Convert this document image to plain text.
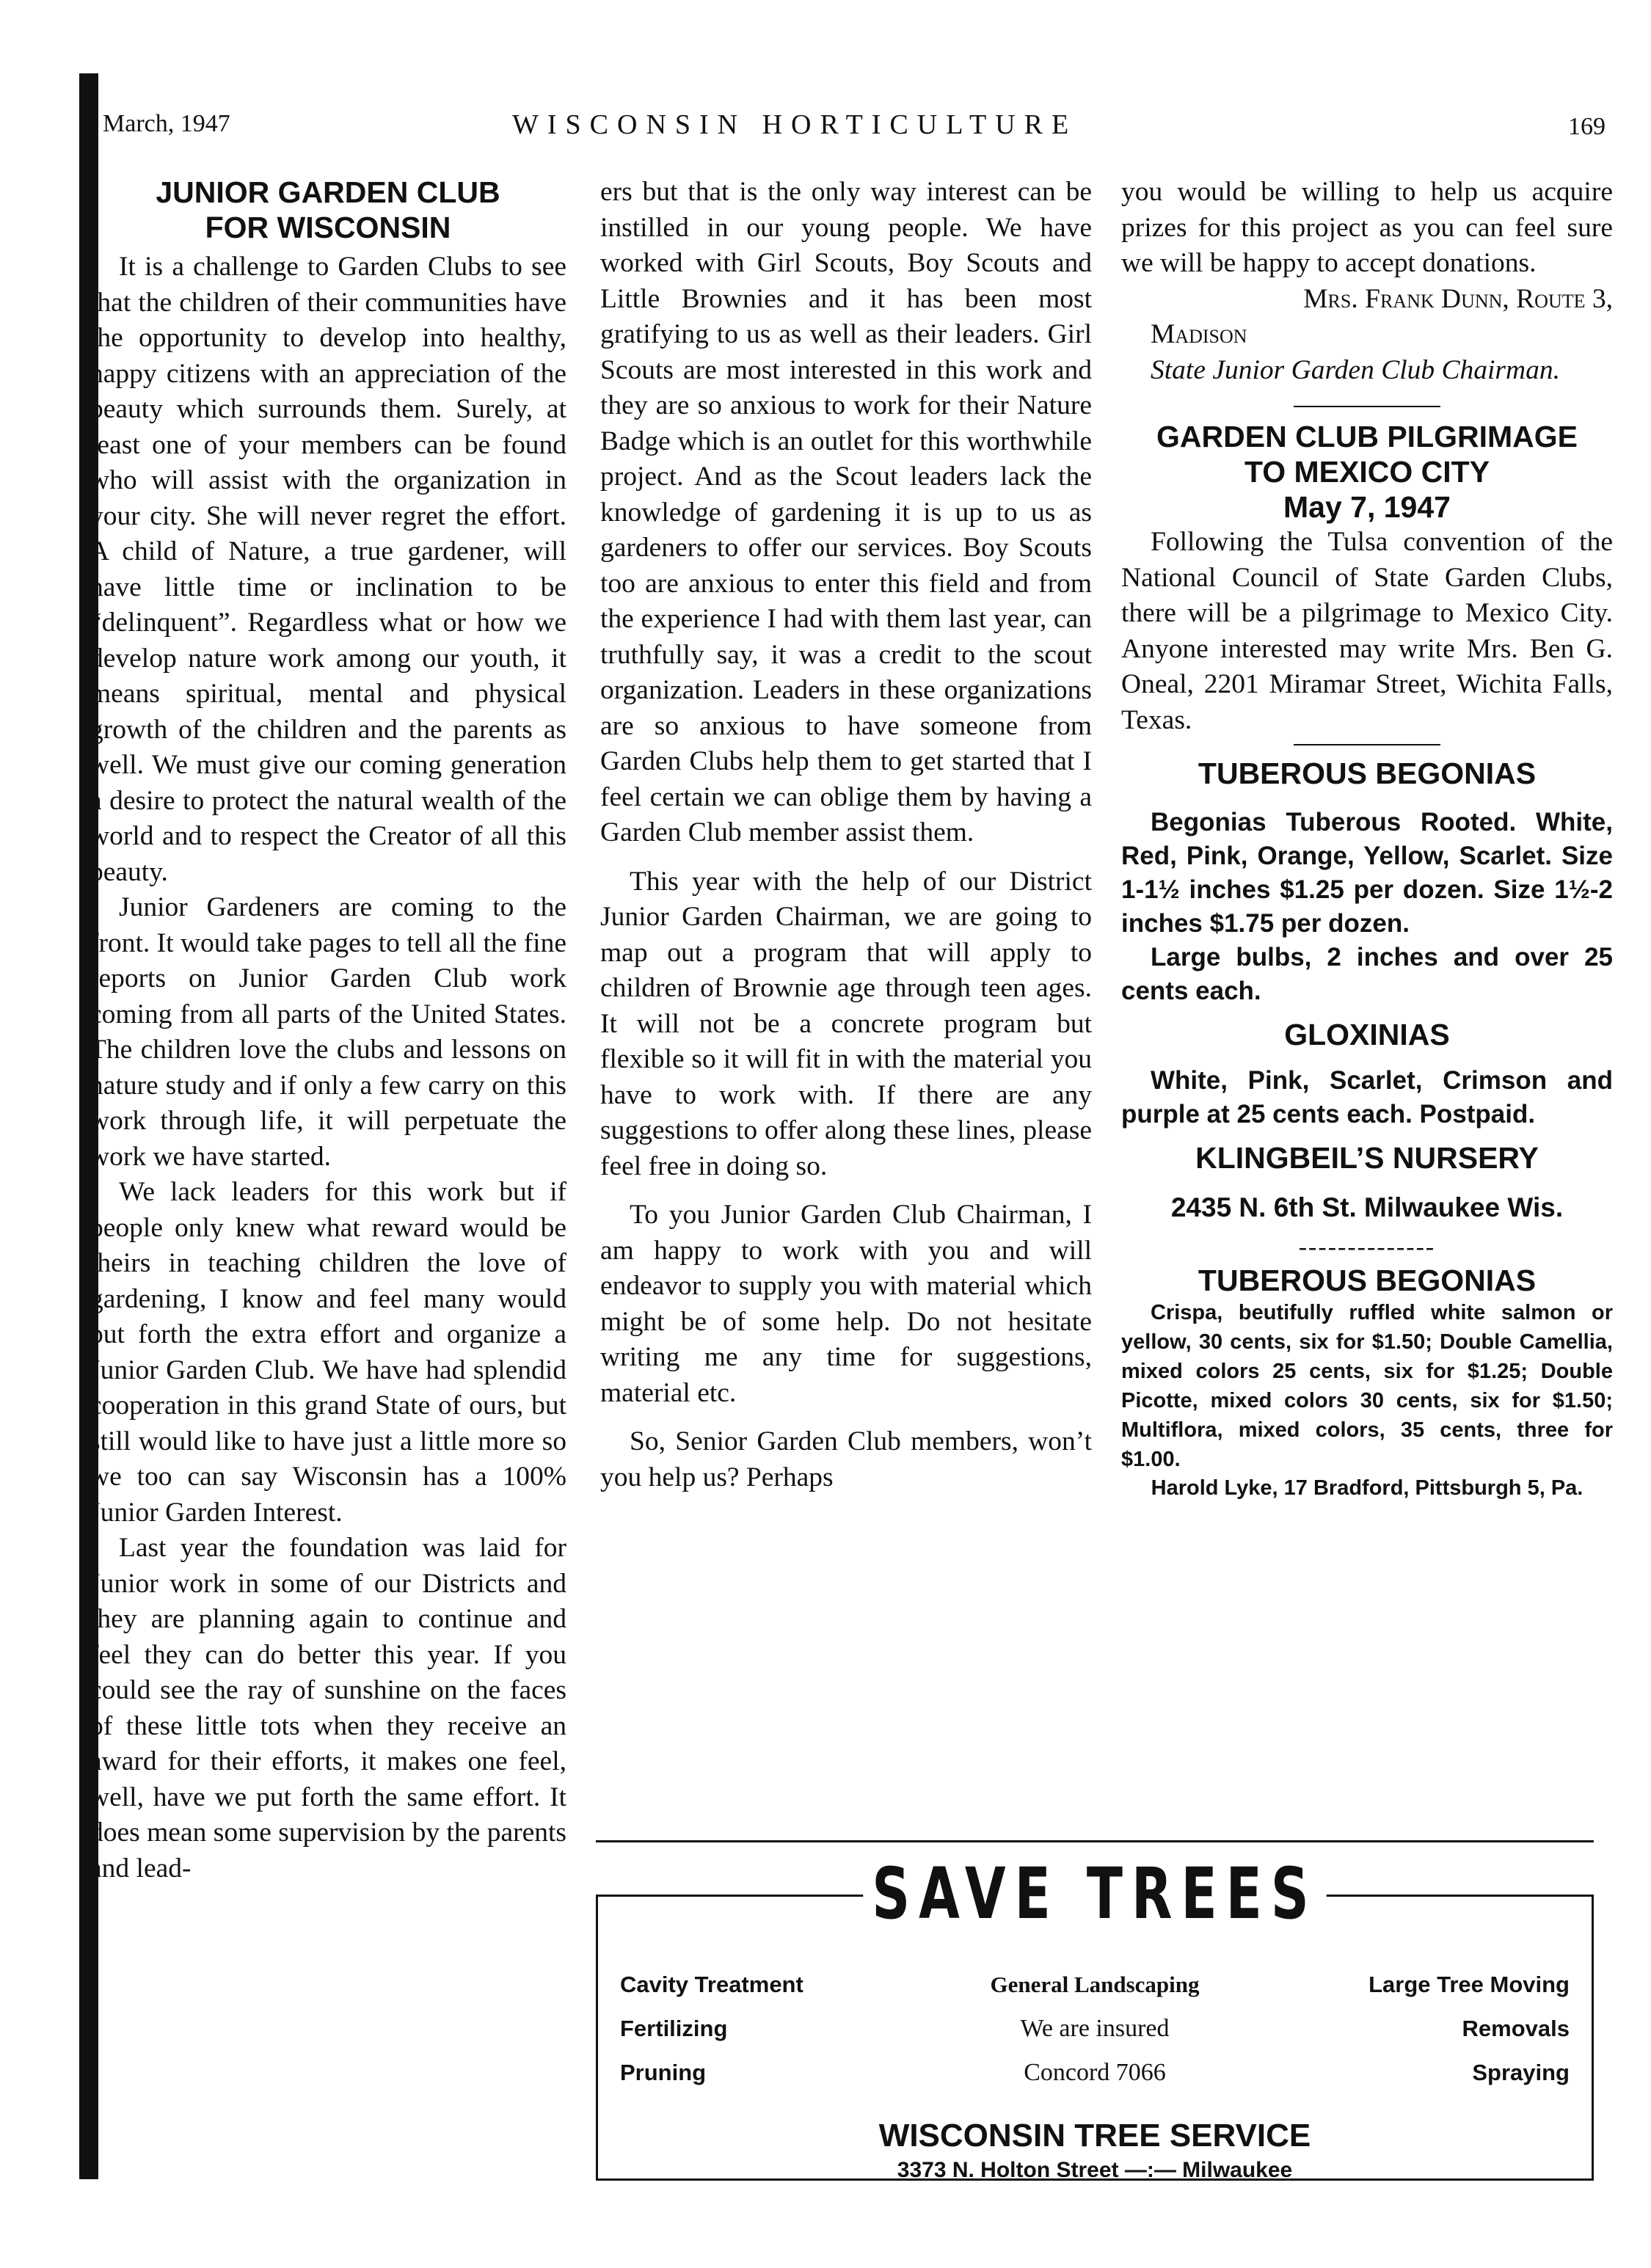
March, 1947	WISCONSIN HORTICULTURE	169
JUNIOR GARDEN CLUB
FOR WISCONSIN

It is a challenge to Garden Clubs to see that the children of their communities have the opportunity to develop into healthy, happy citizens with an appreciation of the beauty which surrounds them. Surely, at least one of your members can be found who will assist with the organization in your city. She will never regret the effort. A child of Nature, a true gardener, will have little time or inclination to be “delinquent”. Regardless what or how we develop nature work among our youth, it means spiritual, mental and physical growth of the children and the parents as well. We must give our coming generation a desire to protect the natural wealth of the world and to respect the Creator of all this beauty.

Junior Gardeners are coming to the front. It would take pages to tell all the fine reports on Junior Garden Club work coming from all parts of the United States. The children love the clubs and lessons on nature study and if only a few carry on this work through life, it will perpetuate the work we have started.

We lack leaders for this work but if people only knew what reward would be theirs in teaching children the love of gardening, I know and feel many would put forth the extra effort and organize a Junior Garden Club. We have had splendid cooperation in this grand State of ours, but still would like to have just a little more so we too can say Wisconsin has a 100% Junior Garden Interest.

Last year the foundation was laid for Junior work in some of our Districts and they are planning again to continue and feel they can do better this year. If you could see the ray of sunshine on the faces of these little tots when they receive an award for their efforts, it makes one feel, well, have we put forth the same effort. It does mean some supervision by the parents and lead-

ers but that is the only way interest can be instilled in our young people. We have worked with Girl Scouts, Boy Scouts and Little Brownies and it has been most gratifying to us as well as their leaders. Girl Scouts are most interested in this work and they are so anxious to work for their Nature Badge which is an outlet for this worthwhile project. And as the Scout leaders lack the knowledge of gardening it is up to us as gardeners to offer our services. Boy Scouts too are anxious to enter this field and from the experience I had with them last year, can truthfully say, it was a credit to the scout organization. Leaders in these organizations are so anxious to have someone from Garden Clubs help them to get started that I feel certain we can oblige them by having a Garden Club member assist them.

This year with the help of our District Junior Garden Chairman, we are going to map out a program that will apply to children of Brownie age through teen ages. It will not be a concrete program but flexible so it will fit in with the material you have to work with. If there are any suggestions to offer along these lines, please feel free in doing so.

To you Junior Garden Club Chairman, I am happy to work with you and will endeavor to supply you with material which might be of some help. Do not hesitate writing me any time for suggestions, material etc.

So, Senior Garden Club members, won’t you help us? Perhaps

you would be willing to help us acquire prizes for this project as you can feel sure we will be happy to accept donations.

Mrs. Frank Dunn, Route 3,

Madison

State Junior Garden Club Chairman.

GARDEN CLUB PILGRIMAGE
TO MEXICO CITY
May 7, 1947

Following the Tulsa convention of the National Council of State Garden Clubs, there will be a pilgrimage to Mexico City. Anyone interested may write Mrs. Ben G. Oneal, 2201 Miramar Street, Wichita Falls, Texas.

TUBEROUS BEGONIAS

Begonias Tuberous Rooted. White, Red, Pink, Orange, Yellow, Scarlet. Size 1-1½ inches $1.25 per dozen. Size 1½-2 inches $1.75 per dozen.

Large bulbs, 2 inches and over 25 cents each.

GLOXINIAS

White, Pink, Scarlet, Crimson and purple at 25 cents each. Postpaid.

KLINGBEIL’S NURSERY
2435 N. 6th St. Milwaukee Wis.
--------------
TUBEROUS BEGONIAS

Crispa, beutifully ruffled white salmon or yellow, 30 cents, six for $1.50; Double Camellia, mixed colors 25 cents, six for $1.25; Double Picotte, mixed colors 30 cents, six for $1.50; Multiflora, mixed colors, 35 cents, three for $1.00.

Harold Lyke, 17 Bradford, Pittsburgh 5, Pa.
SAVE TREES
Cavity Treatment	General Landscaping	Large Tree Moving
Fertilizing	We are insured	Removals
Pruning	Concord 7066	Spraying
WISCONSIN TREE SERVICE
3373 N. Holton Street —:— Milwaukee
